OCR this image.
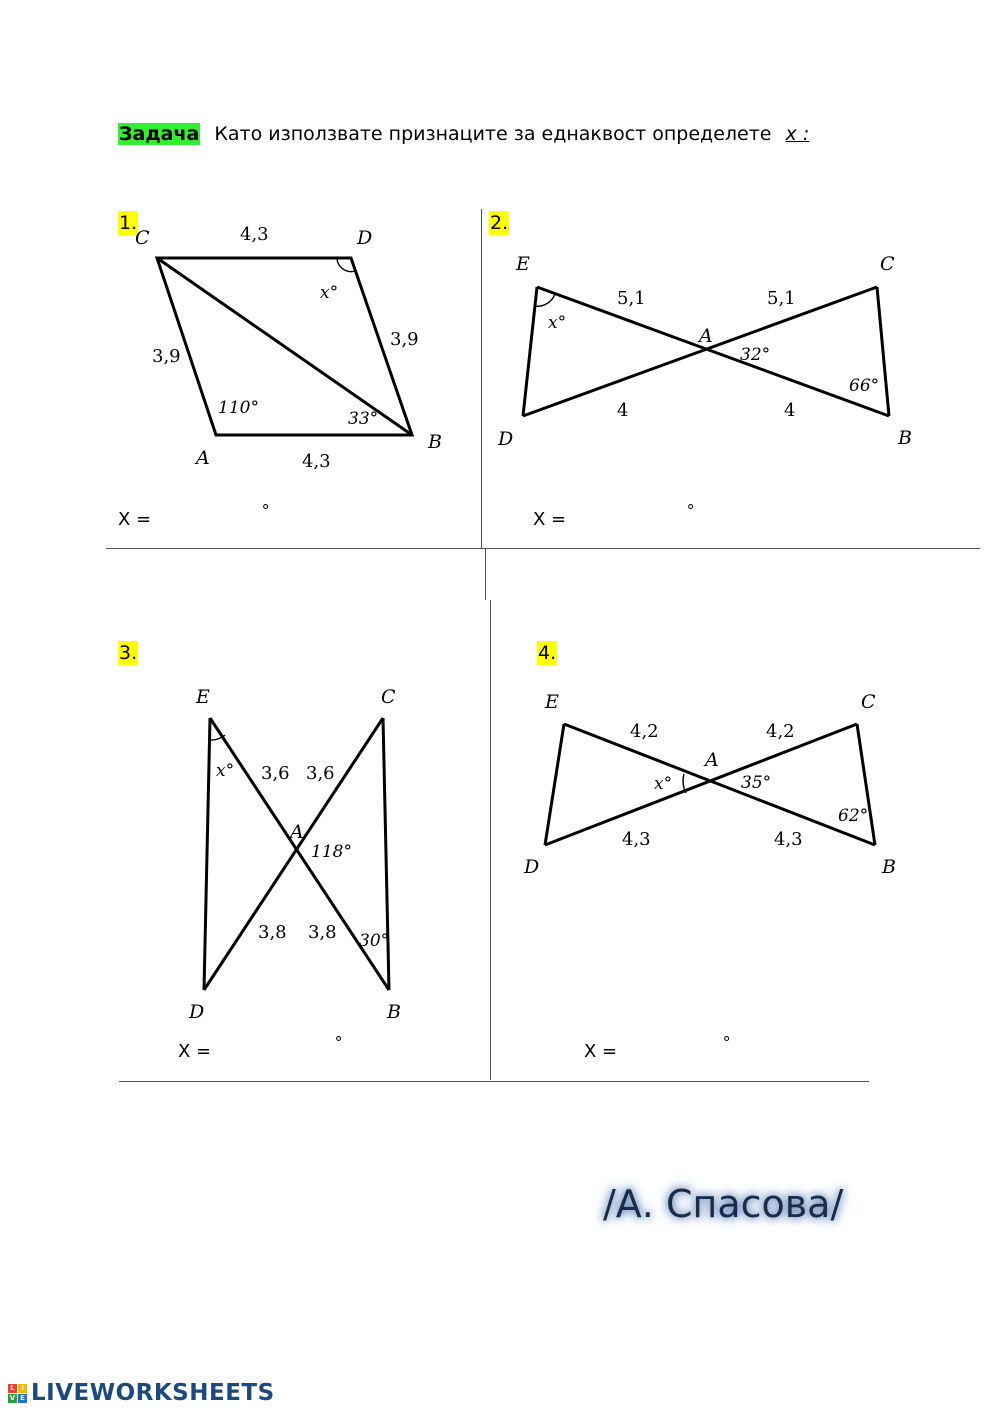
Задача Като използвате признаците за еднаквост определете x :
1.	2.
3.	4.
C	D
A
B
4,3
4,3
3,9
3,9
x°
110°
33°
E	C
A
D	B
5,1	5,1
4	4
x°
32°
66°
E	C
A
D	B
3,6 3,6
3,8 3,8
x°
118°
30°
E	C
A
D	B
4,2	4,2
4,3	4,3
x°	35°
62°
X =	°	X =	°
X =	°	X =	°
/А. Спасова/
L I
V E LIVEWORKSHEETS
